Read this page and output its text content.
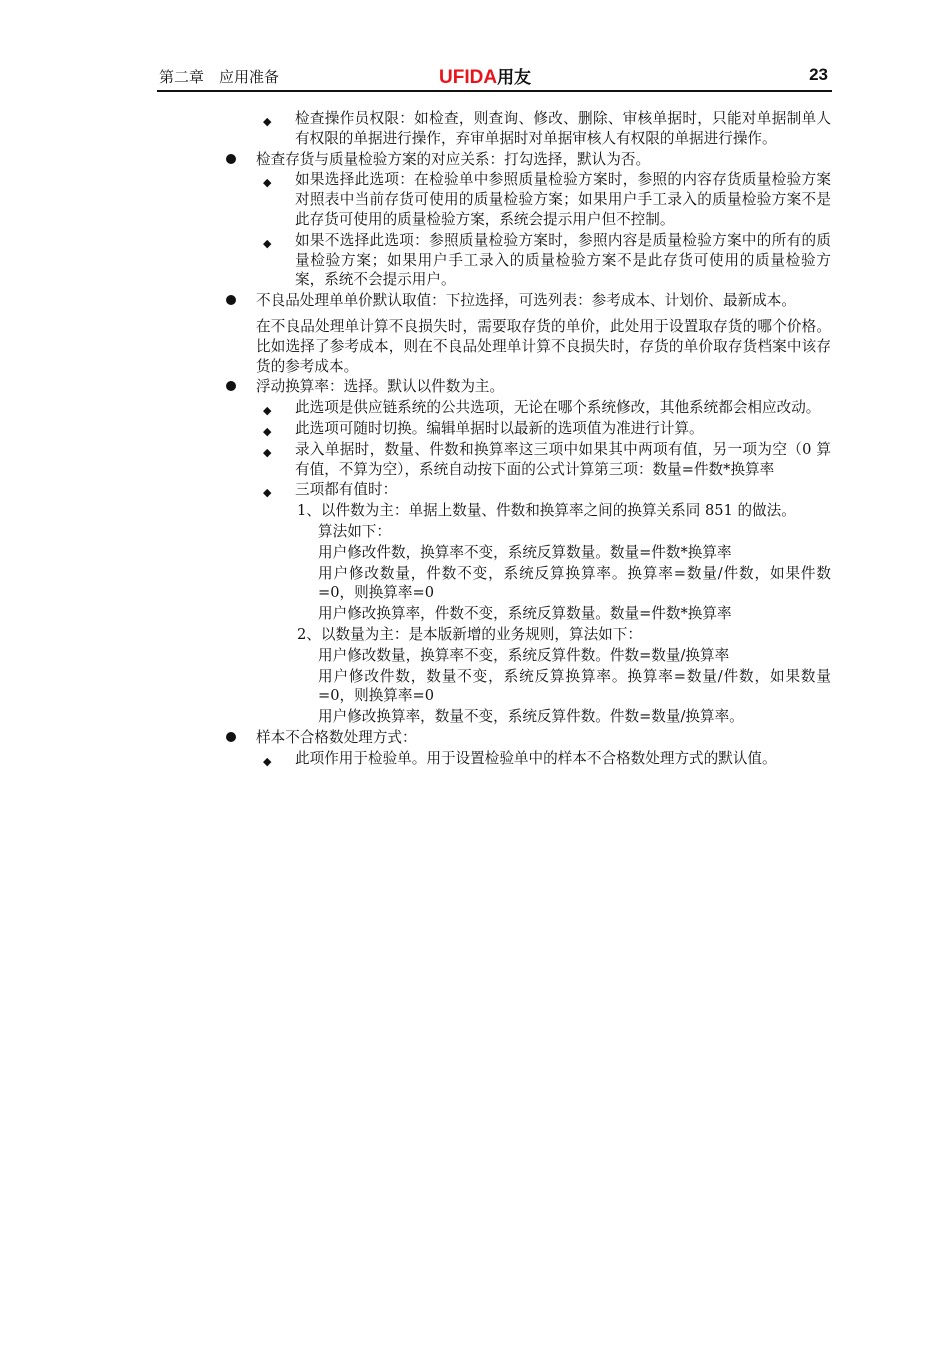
第二章　应用准备	UFIDA用友	23
◆ 检查操作员权限：如检查，则查询、修改、删除、审核单据时，只能对单据制单人有权限的单据进行操作，弃审单据时对单据审核人有权限的单据进行操作。
检查存货与质量检验方案的对应关系：打勾选择，默认为否。
◆ 如果选择此选项：在检验单中参照质量检验方案时，参照的内容存货质量检验方案对照表中当前存货可使用的质量检验方案；如果用户手工录入的质量检验方案不是此存货可使用的质量检验方案，系统会提示用户但不控制。
◆ 如果不选择此选项：参照质量检验方案时，参照内容是质量检验方案中的所有的质量检验方案；如果用户手工录入的质量检验方案不是此存货可使用的质量检验方案，系统不会提示用户。
不良品处理单单价默认取值：下拉选择，可选列表：参考成本、计划价、最新成本。
在不良品处理单计算不良损失时，需要取存货的单价，此处用于设置取存货的哪个价格。比如选择了参考成本，则在不良品处理单计算不良损失时，存货的单价取存货档案中该存货的参考成本。
浮动换算率：选择。默认以件数为主。
◆ 此选项是供应链系统的公共选项，无论在哪个系统修改，其他系统都会相应改动。
◆ 此选项可随时切换。编辑单据时以最新的选项值为准进行计算。
◆ 录入单据时，数量、件数和换算率这三项中如果其中两项有值，另一项为空（0 算有值，不算为空），系统自动按下面的公式计算第三项：数量=件数*换算率
◆ 三项都有值时：
1、以件数为主：单据上数量、件数和换算率之间的换算关系同 851 的做法。
算法如下：
用户修改件数，换算率不变，系统反算数量。数量=件数*换算率
用户修改数量，件数不变，系统反算换算率。换算率=数量/件数，如果件数=0，则换算率=0
用户修改换算率，件数不变，系统反算数量。数量=件数*换算率
2、以数量为主：是本版新增的业务规则，算法如下：
用户修改数量，换算率不变，系统反算件数。件数=数量/换算率
用户修改件数，数量不变，系统反算换算率。换算率=数量/件数，如果数量=0，则换算率=0
用户修改换算率，数量不变，系统反算件数。件数=数量/换算率。
样本不合格数处理方式：
◆ 此项作用于检验单。用于设置检验单中的样本不合格数处理方式的默认值。
